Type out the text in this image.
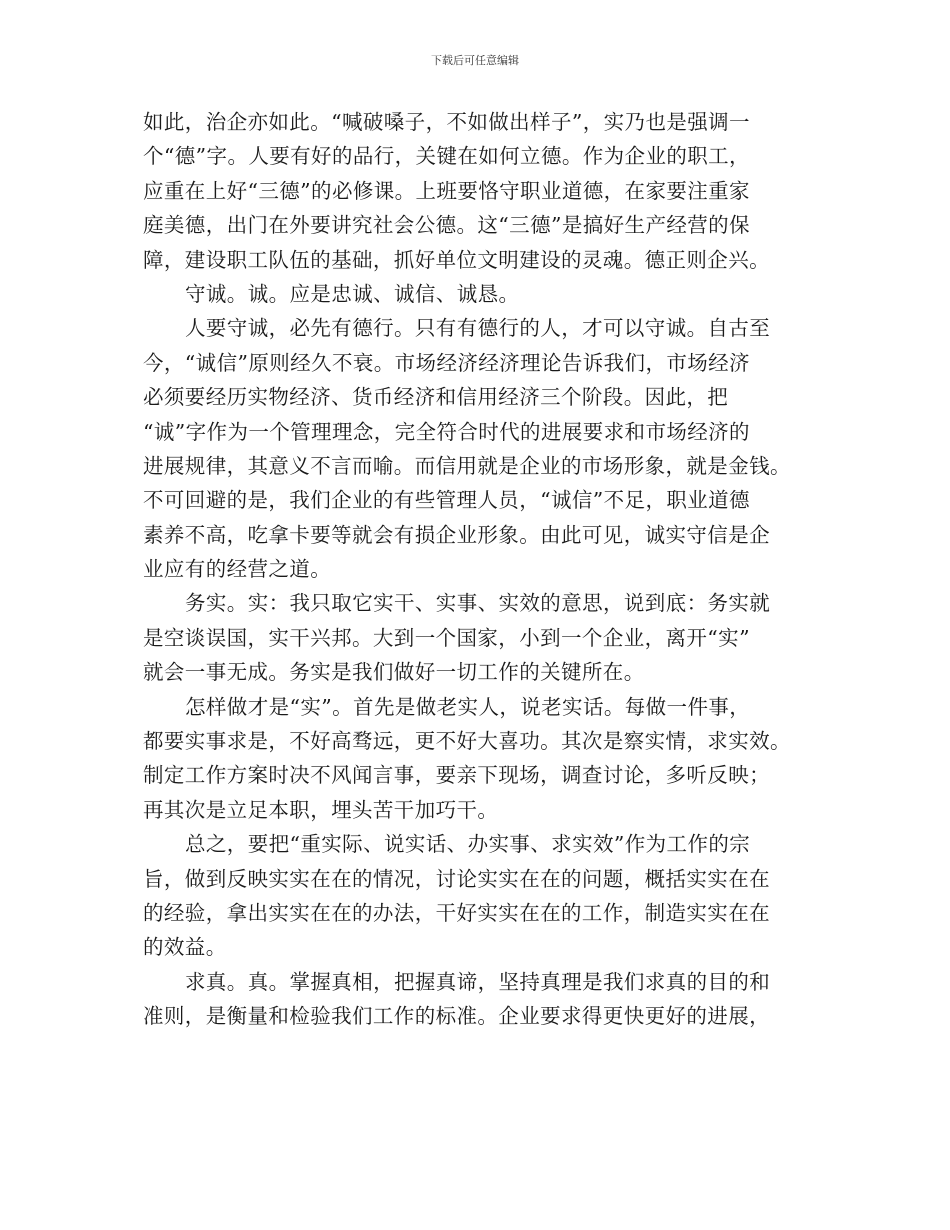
下载后可任意编辑
如此，治企亦如此。“喊破嗓子，不如做出样子”，实乃也是强调一
个“德”字。人要有好的品行，关键在如何立德。作为企业的职工，
应重在上好“三德”的必修课。上班要恪守职业道德，在家要注重家
庭美德，出门在外要讲究社会公德。这“三德”是搞好生产经营的保
障，建设职工队伍的基础，抓好单位文明建设的灵魂。德正则企兴。
守诚。诚。应是忠诚、诚信、诚恳。
人要守诚，必先有德行。只有有德行的人，才可以守诚。自古至
今，“诚信”原则经久不衰。市场经济经济理论告诉我们，市场经济
必须要经历实物经济、货币经济和信用经济三个阶段。因此，把
“诚”字作为一个管理理念，完全符合时代的进展要求和市场经济的
进展规律，其意义不言而喻。而信用就是企业的市场形象，就是金钱。
不可回避的是，我们企业的有些管理人员，“诚信”不足，职业道德
素养不高，吃拿卡要等就会有损企业形象。由此可见，诚实守信是企
业应有的经营之道。
务实。实：我只取它实干、实事、实效的意思，说到底：务实就
是空谈误国，实干兴邦。大到一个国家，小到一个企业，离开“实”
就会一事无成。务实是我们做好一切工作的关键所在。
怎样做才是“实”。首先是做老实人，说老实话。每做一件事，
都要实事求是，不好高骛远，更不好大喜功。其次是察实情，求实效。
制定工作方案时决不风闻言事，要亲下现场，调查讨论，多听反映；
再其次是立足本职，埋头苦干加巧干。
总之，要把“重实际、说实话、办实事、求实效”作为工作的宗
旨，做到反映实实在在的情况，讨论实实在在的问题，概括实实在在
的经验，拿出实实在在的办法，干好实实在在的工作，制造实实在在
的效益。
求真。真。掌握真相，把握真谛，坚持真理是我们求真的目的和
准则，是衡量和检验我们工作的标准。企业要求得更快更好的进展，
